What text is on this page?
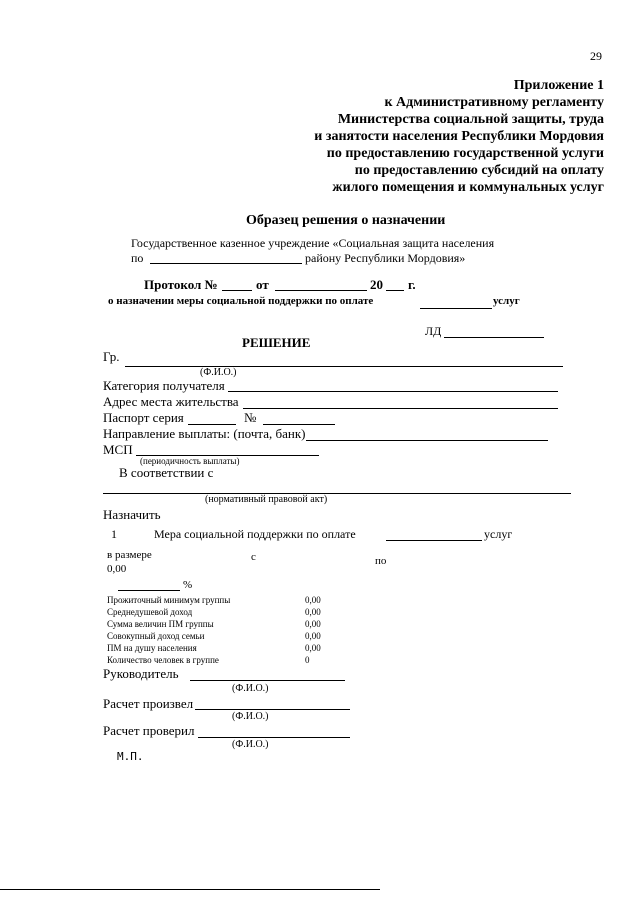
29
Приложение 1
к Административному регламенту
Министерства социальной защиты, труда
и занятости населения Республики Мордовия
по предоставлению государственной услуги
по предоставлению субсидий на оплату
жилого помещения и коммунальных услуг
Образец решения о назначении
Государственное казенное учреждение «Социальная защита населения
по	району Республики Мордовия»
Протокол №	от	20 г.
о назначении меры социальной поддержки по оплате	услуг
ЛД
РЕШЕНИЕ
Гр.
(Ф.И.О.)
Категория получателя
Адрес места жительства
Паспорт серия	№
Направление выплаты: (почта, банк)
МСП
(периодичность выплаты)
В соответствии с
(нормативный правовой акт)
Назначить
1	Мера социальной поддержки по оплате	услуг
в размере	с	по
0,00
%
Прожиточный минимум группы	0,00
Среднедушевой доход	0,00
Сумма величин ПМ группы	0,00
Совокупный доход семьи	0,00
ПМ на душу населения	0,00
Количество человек в группе	0
Руководитель
(Ф.И.О.)
Расчет произвел
(Ф.И.О.)
Расчет проверил
(Ф.И.О.)
М.П.
